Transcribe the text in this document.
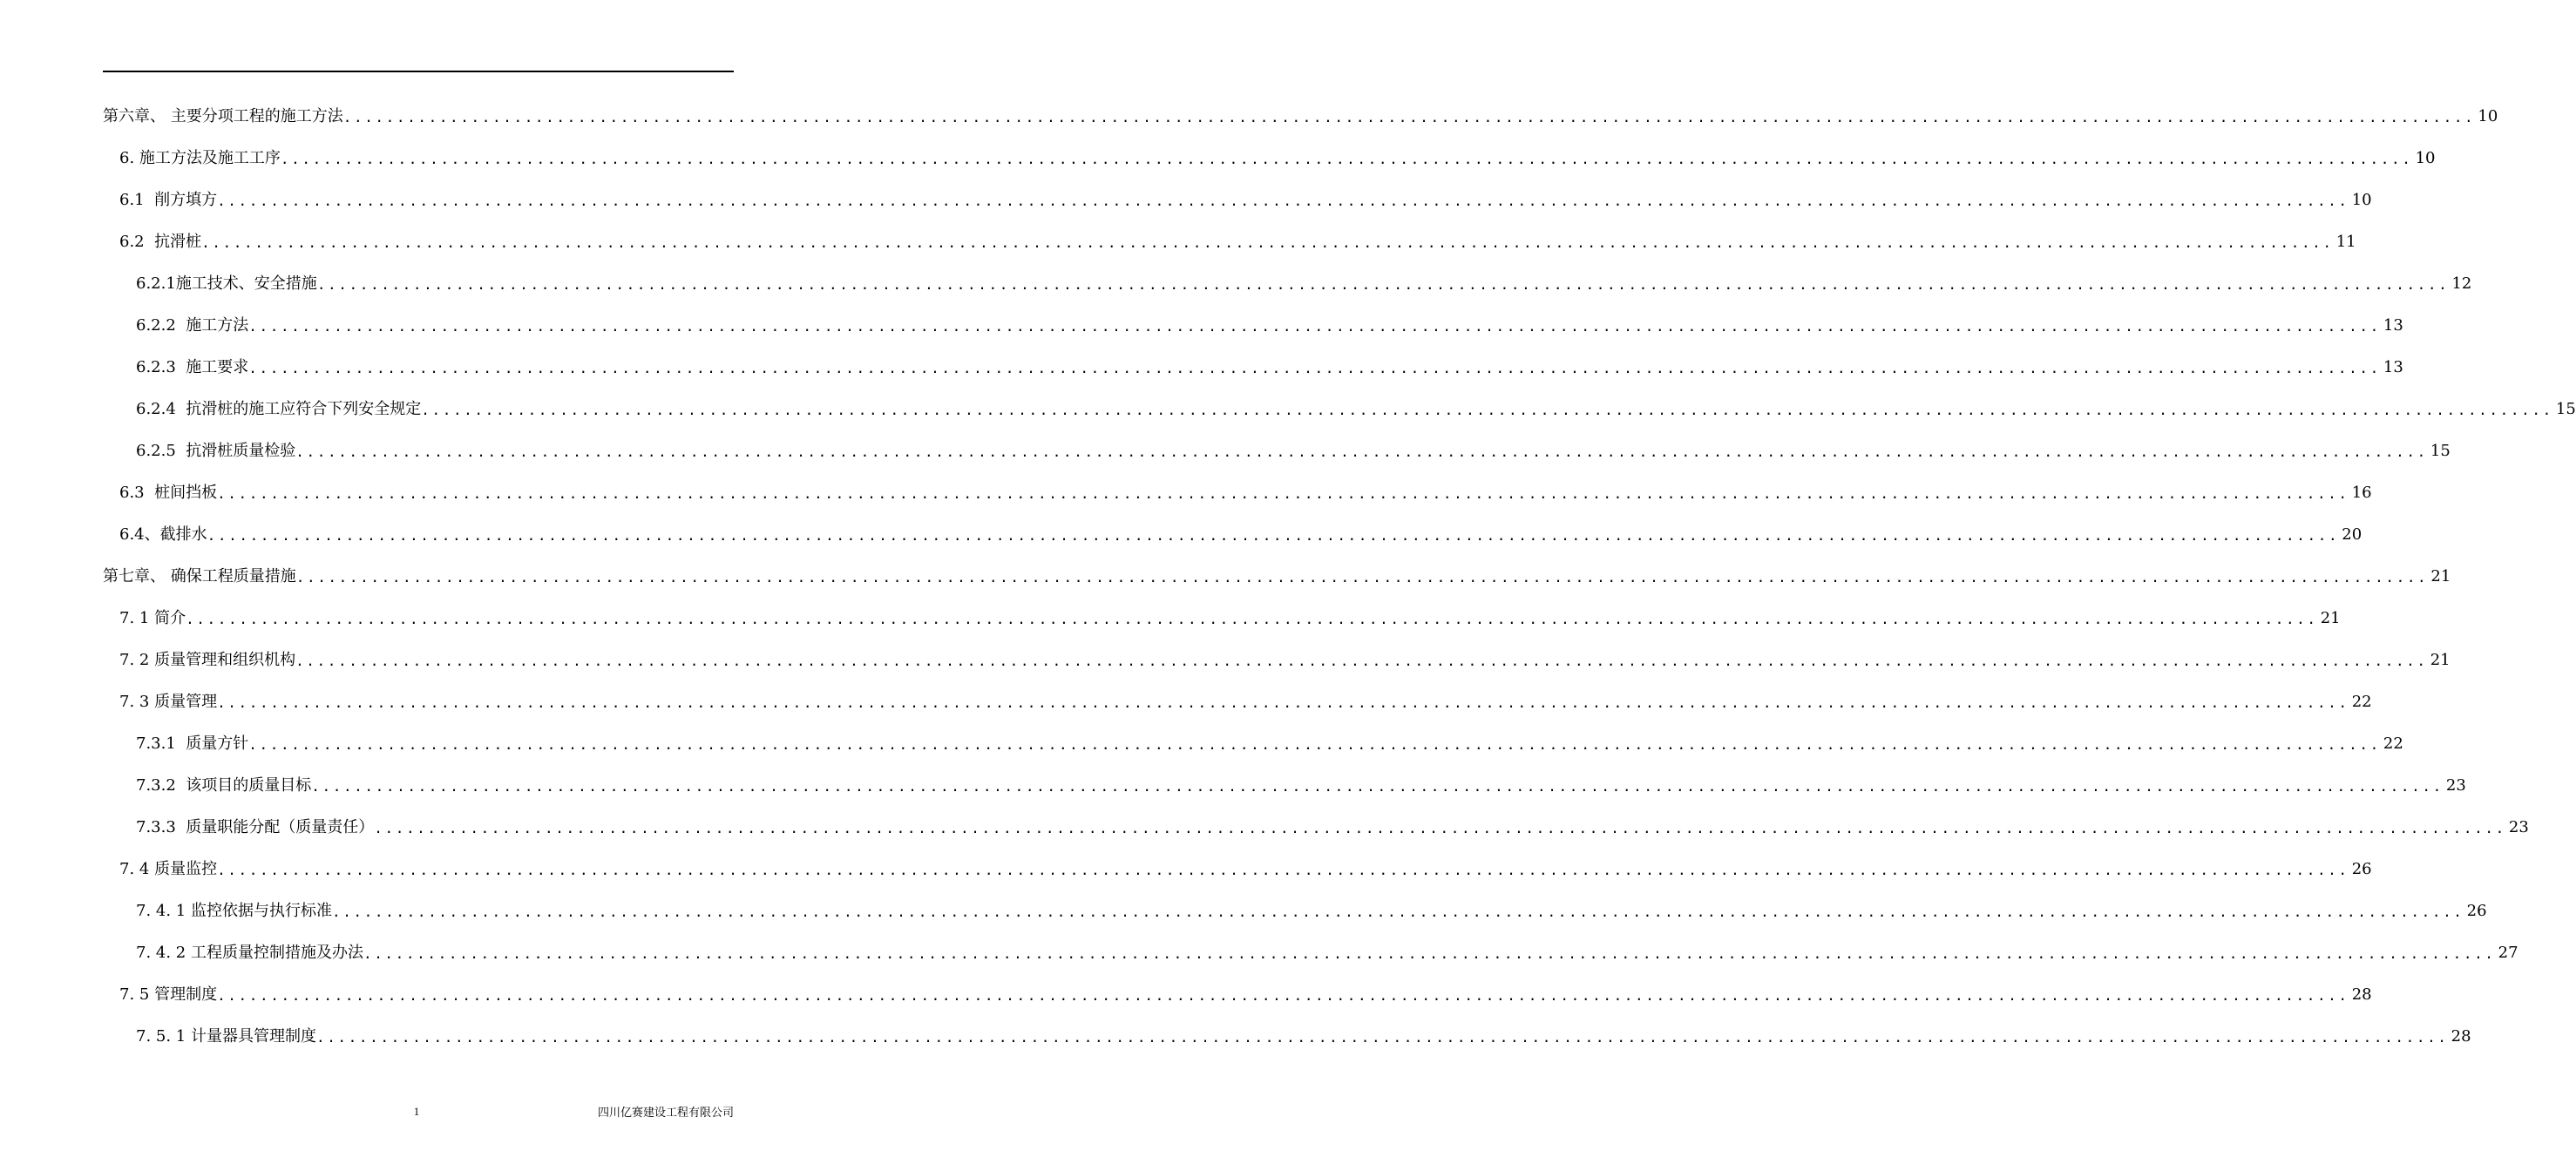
第六章、 主要分项工程的施工方法 ........................................................................................................................................................................................................ 10
6. 施工方法及施工工序 ........................................................................................................................................................................................................ 10
6.1  削方填方 ........................................................................................................................................................................................................ 10
6.2  抗滑桩 ........................................................................................................................................................................................................ 11
6.2.1施工技术、安全措施 ........................................................................................................................................................................................................ 12
6.2.2  施工方法 ........................................................................................................................................................................................................ 13
6.2.3  施工要求 ........................................................................................................................................................................................................ 13
6.2.4  抗滑桩的施工应符合下列安全规定 ........................................................................................................................................................................................................ 15
6.2.5  抗滑桩质量检验 ........................................................................................................................................................................................................ 15
6.3  桩间挡板 ........................................................................................................................................................................................................ 16
6.4、截排水 ........................................................................................................................................................................................................ 20
第七章、 确保工程质量措施 ........................................................................................................................................................................................................ 21
7. 1 简介 ........................................................................................................................................................................................................ 21
7. 2 质量管理和组织机构 ........................................................................................................................................................................................................ 21
7. 3 质量管理 ........................................................................................................................................................................................................ 22
7.3.1  质量方针 ........................................................................................................................................................................................................ 22
7.3.2  该项目的质量目标 ........................................................................................................................................................................................................ 23
7.3.3  质量职能分配（质量责任） ........................................................................................................................................................................................................ 23
7. 4 质量监控 ........................................................................................................................................................................................................ 26
7. 4. 1 监控依据与执行标准 ........................................................................................................................................................................................................ 26
7. 4. 2 工程质量控制措施及办法 ........................................................................................................................................................................................................ 27
7. 5 管理制度 ........................................................................................................................................................................................................ 28
7. 5. 1 计量器具管理制度 ........................................................................................................................................................................................................ 28
1	四川亿赛建设工程有限公司
